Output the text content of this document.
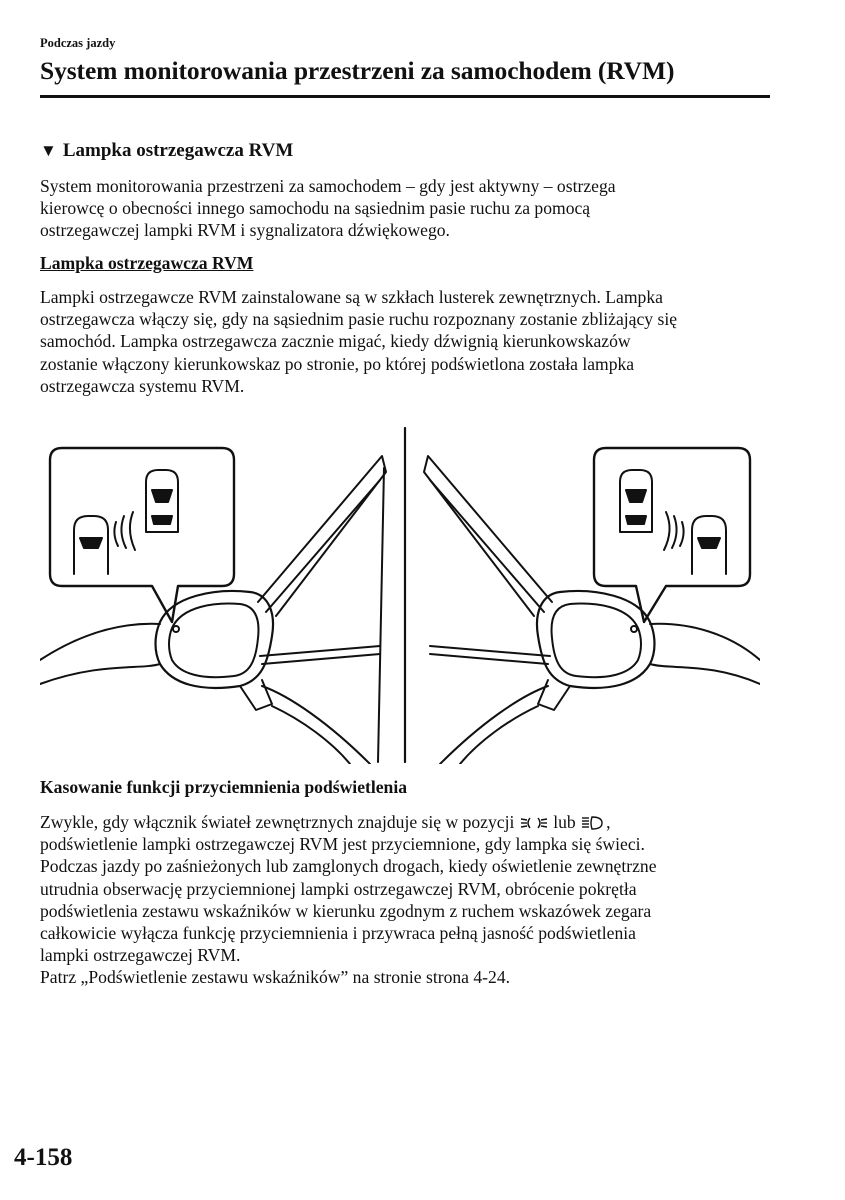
Podczas jazdy
System monitorowania przestrzeni za samochodem (RVM)
▼ Lampka ostrzegawcza RVM
System monitorowania przestrzeni za samochodem – gdy jest aktywny – ostrzega
kierowcę o obecności innego samochodu na sąsiednim pasie ruchu za pomocą
ostrzegawczej lampki RVM i sygnalizatora dźwiękowego.
Lampka ostrzegawcza RVM
Lampki ostrzegawcze RVM zainstalowane są w szkłach lusterek zewnętrznych. Lampka
ostrzegawcza włączy się, gdy na sąsiednim pasie ruchu rozpoznany zostanie zbliżający się
samochód. Lampka ostrzegawcza zacznie migać, kiedy dźwignią kierunkowskazów
zostanie włączony kierunkowskaz po stronie, po której podświetlona została lampka
ostrzegawcza systemu RVM.
Kasowanie funkcji przyciemnienia podświetlenia
Zwykle, gdy włącznik świateł zewnętrznych znajduje się w pozycji lub ,
podświetlenie lampki ostrzegawczej RVM jest przyciemnione, gdy lampka się świeci.
Podczas jazdy po zaśnieżonych lub zamglonych drogach, kiedy oświetlenie zewnętrzne
utrudnia obserwację przyciemnionej lampki ostrzegawczej RVM, obrócenie pokrętła
podświetlenia zestawu wskaźników w kierunku zgodnym z ruchem wskazówek zegara
całkowicie wyłącza funkcję przyciemnienia i przywraca pełną jasność podświetlenia
lampki ostrzegawczej RVM.
Patrz „Podświetlenie zestawu wskaźników” na stronie strona 4-24.
4-158
